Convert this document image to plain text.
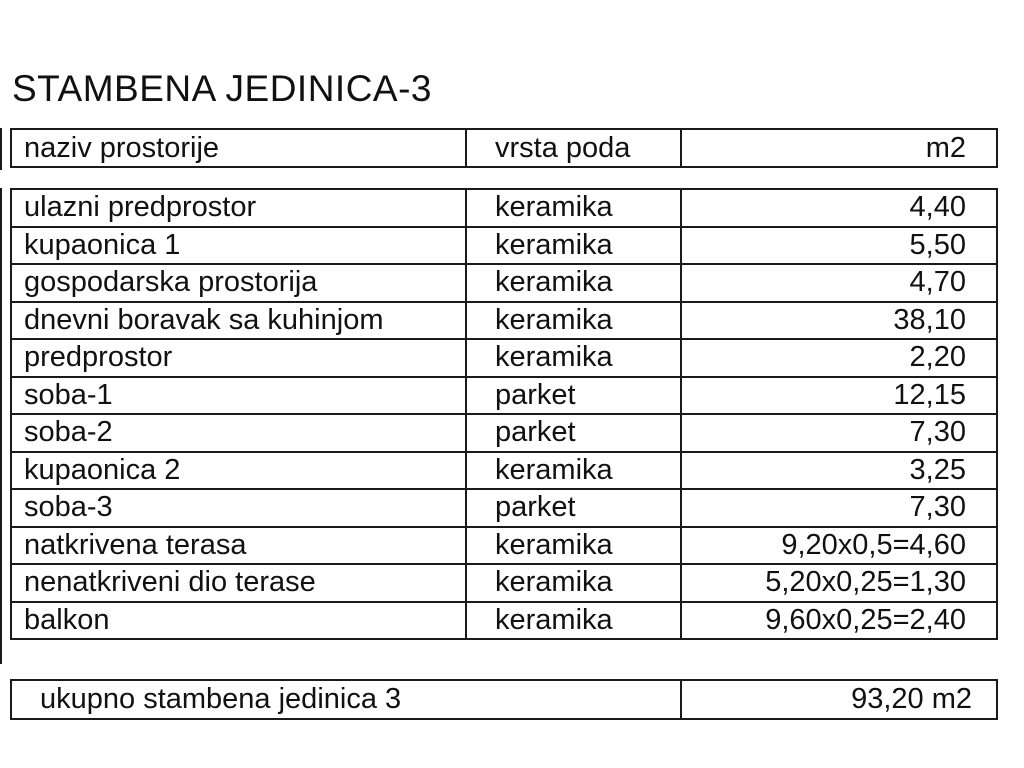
STAMBENA JEDINICA-3
naziv prostorije	vrsta poda	m2
ulazni predprostor	keramika	4,40
kupaonica 1	keramika	5,50
gospodarska prostorija	keramika	4,70
dnevni boravak sa kuhinjom	keramika	38,10
predprostor	keramika	2,20
soba-1	parket	12,15
soba-2	parket	7,30
kupaonica 2	keramika	3,25
soba-3	parket	7,30
natkrivena terasa	keramika	9,20x0,5=4,60
nenatkriveni dio terase	keramika	5,20x0,25=1,30
balkon	keramika	9,60x0,25=2,40
ukupno stambena jedinica 3	93,20 m2
